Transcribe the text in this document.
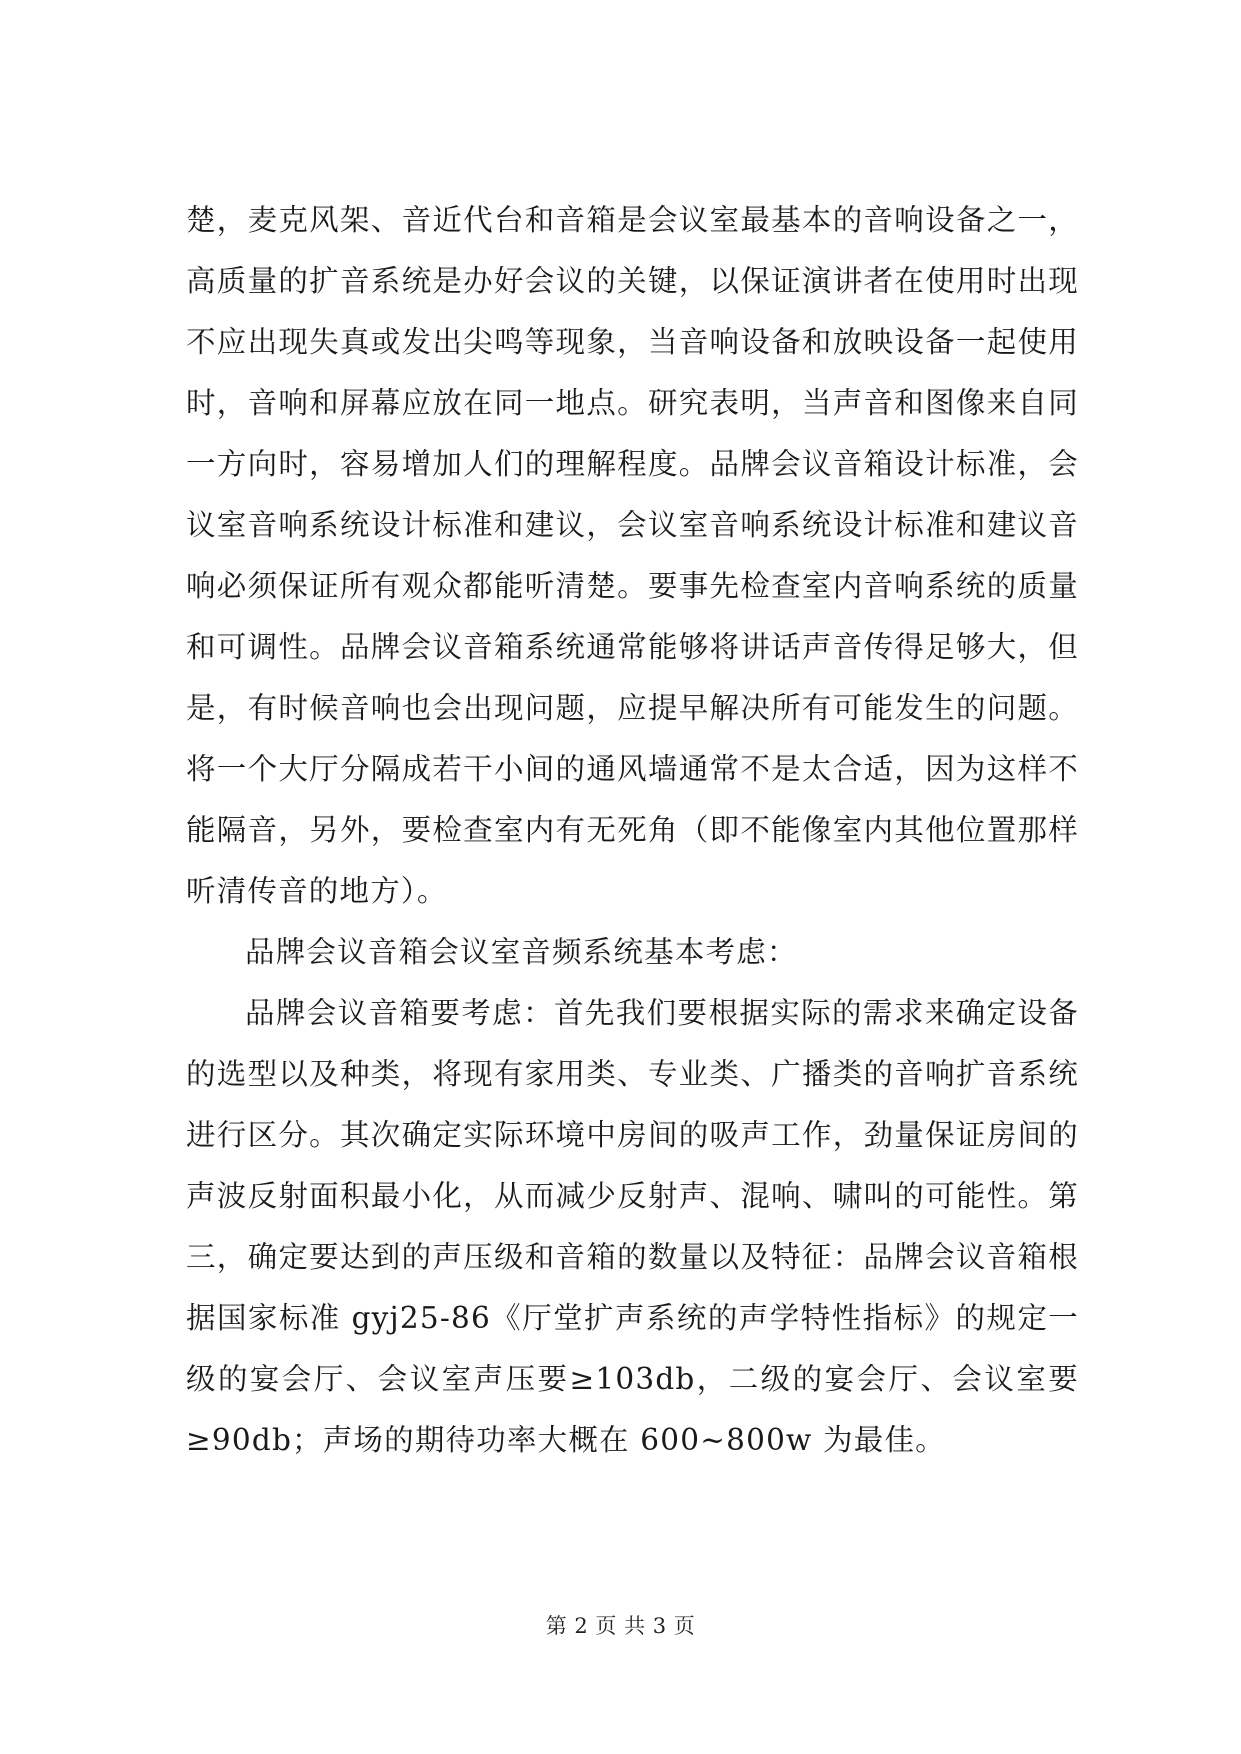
楚，麦克风架、音近代台和音箱是会议室最基本的音响设备之一，高质量的扩音系统是办好会议的关键，以保证演讲者在使用时出现不应出现失真或发出尖鸣等现象，当音响设备和放映设备一起使用时，音响和屏幕应放在同一地点。研究表明，当声音和图像来自同一方向时，容易增加人们的理解程度。品牌会议音箱设计标准，会议室音响系统设计标准和建议，会议室音响系统设计标准和建议音响必须保证所有观众都能听清楚。要事先检查室内音响系统的质量和可调性。品牌会议音箱系统通常能够将讲话声音传得足够大，但是，有时候音响也会出现问题，应提早解决所有可能发生的问题。将一个大厅分隔成若干小间的通风墙通常不是太合适，因为这样不能隔音，另外，要检查室内有无死角（即不能像室内其他位置那样听清传音的地方）。

品牌会议音箱会议室音频系统基本考虑：

品牌会议音箱要考虑：首先我们要根据实际的需求来确定设备的选型以及种类，将现有家用类、专业类、广播类的音响扩音系统进行区分。其次确定实际环境中房间的吸声工作，劲量保证房间的声波反射面积最小化，从而减少反射声、混响、啸叫的可能性。第三，确定要达到的声压级和音箱的数量以及特征：品牌会议音箱根据国家标准 gyj25-86《厅堂扩声系统的声学特性指标》的规定一级的宴会厅、会议室声压要≥103db，二级的宴会厅、会议室要≥90db；声场的期待功率大概在 600~800w 为最佳。

第 2 页 共 3 页
